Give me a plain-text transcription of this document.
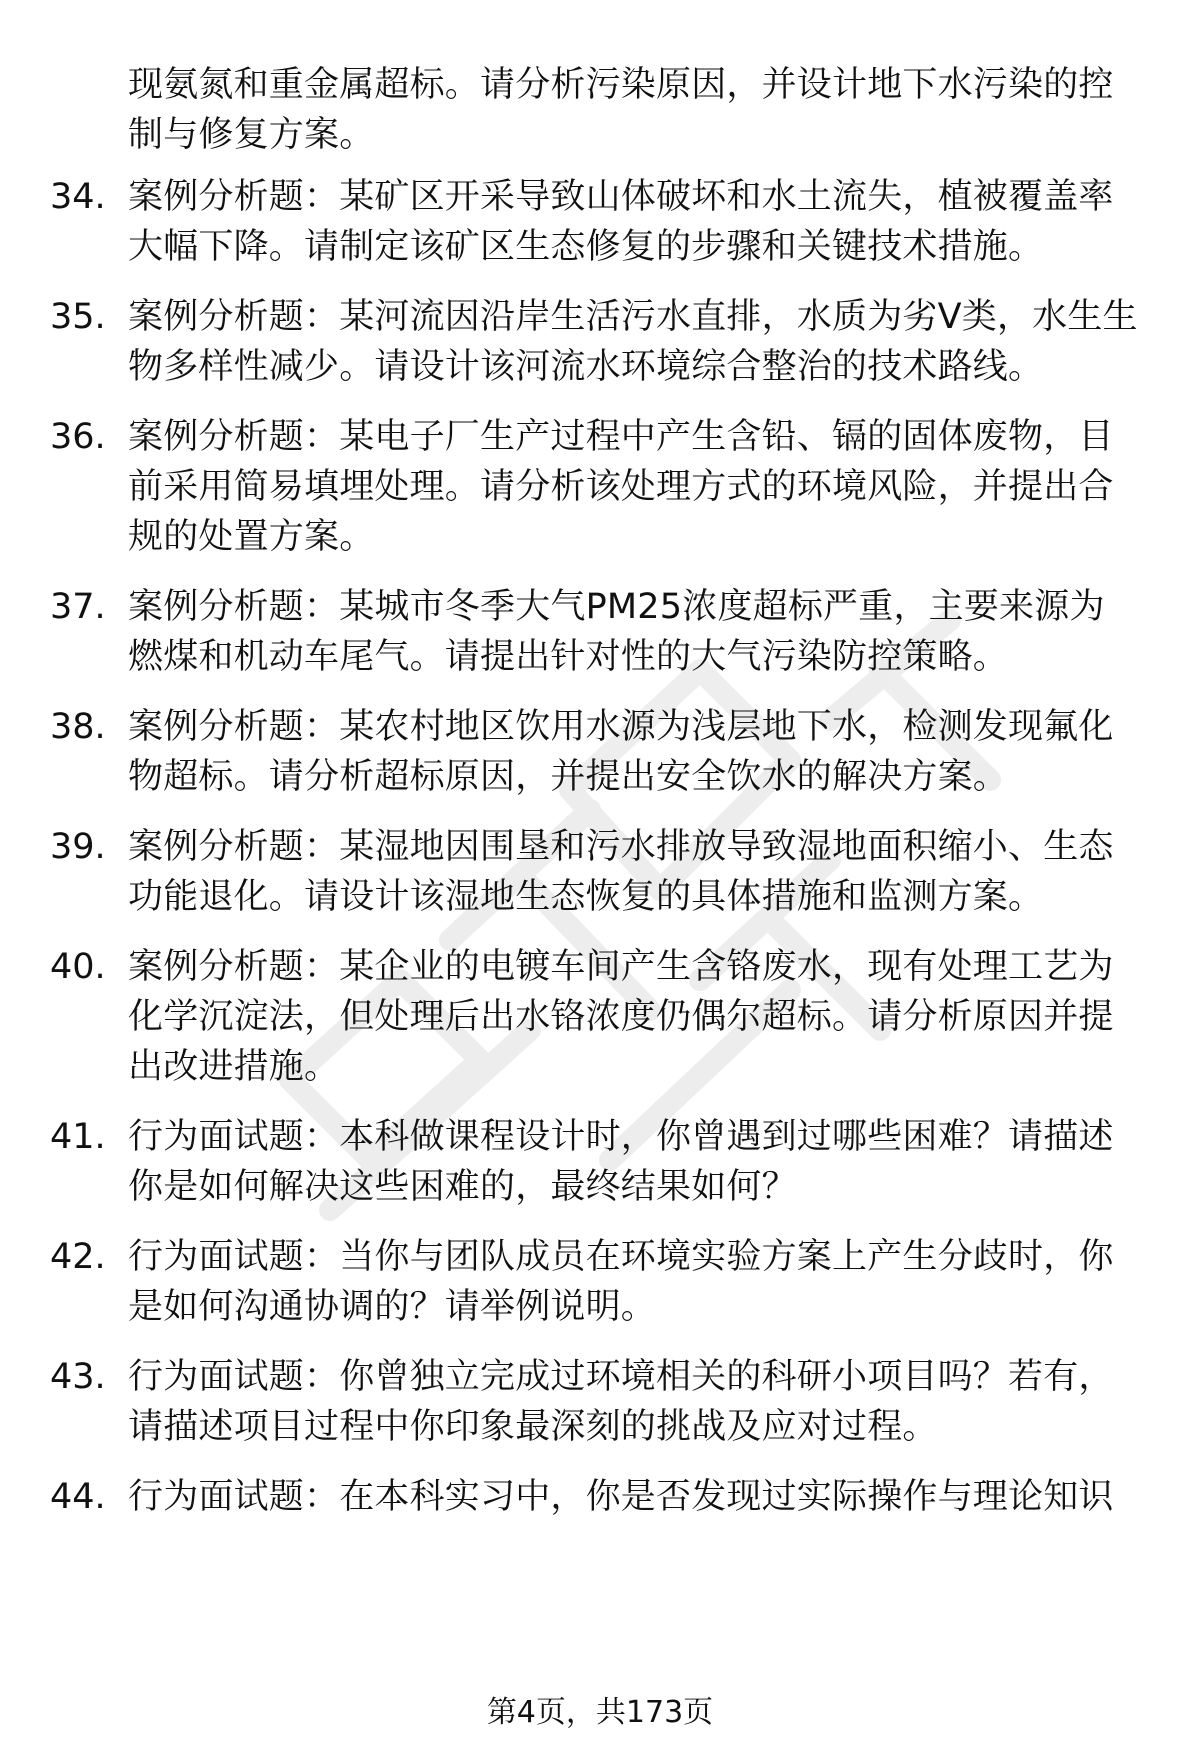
现氨氮和重金属超标。请分析污染原因，并设计地下水污染的控制与修复方案。
34. 案例分析题：某矿区开采导致山体破坏和水土流失，植被覆盖率大幅下降。请制定该矿区生态修复的步骤和关键技术措施。
35. 案例分析题：某河流因沿岸生活污水直排，水质为劣V类，水生生物多样性减少。请设计该河流水环境综合整治的技术路线。
36. 案例分析题：某电子厂生产过程中产生含铅、镉的固体废物，目前采用简易填埋处理。请分析该处理方式的环境风险，并提出合规的处置方案。
37. 案例分析题：某城市冬季大气PM25浓度超标严重，主要来源为燃煤和机动车尾气。请提出针对性的大气污染防控策略。
38. 案例分析题：某农村地区饮用水源为浅层地下水，检测发现氟化物超标。请分析超标原因，并提出安全饮水的解决方案。
39. 案例分析题：某湿地因围垦和污水排放导致湿地面积缩小、生态功能退化。请设计该湿地生态恢复的具体措施和监测方案。
40. 案例分析题：某企业的电镀车间产生含铬废水，现有处理工艺为化学沉淀法，但处理后出水铬浓度仍偶尔超标。请分析原因并提出改进措施。
41. 行为面试题：本科做课程设计时，你曾遇到过哪些困难？请描述你是如何解决这些困难的，最终结果如何？
42. 行为面试题：当你与团队成员在环境实验方案上产生分歧时，你是如何沟通协调的？请举例说明。
43. 行为面试题：你曾独立完成过环境相关的科研小项目吗？若有，请描述项目过程中你印象最深刻的挑战及应对过程。
44. 行为面试题：在本科实习中，你是否发现过实际操作与理论知识
第4页，共173页
